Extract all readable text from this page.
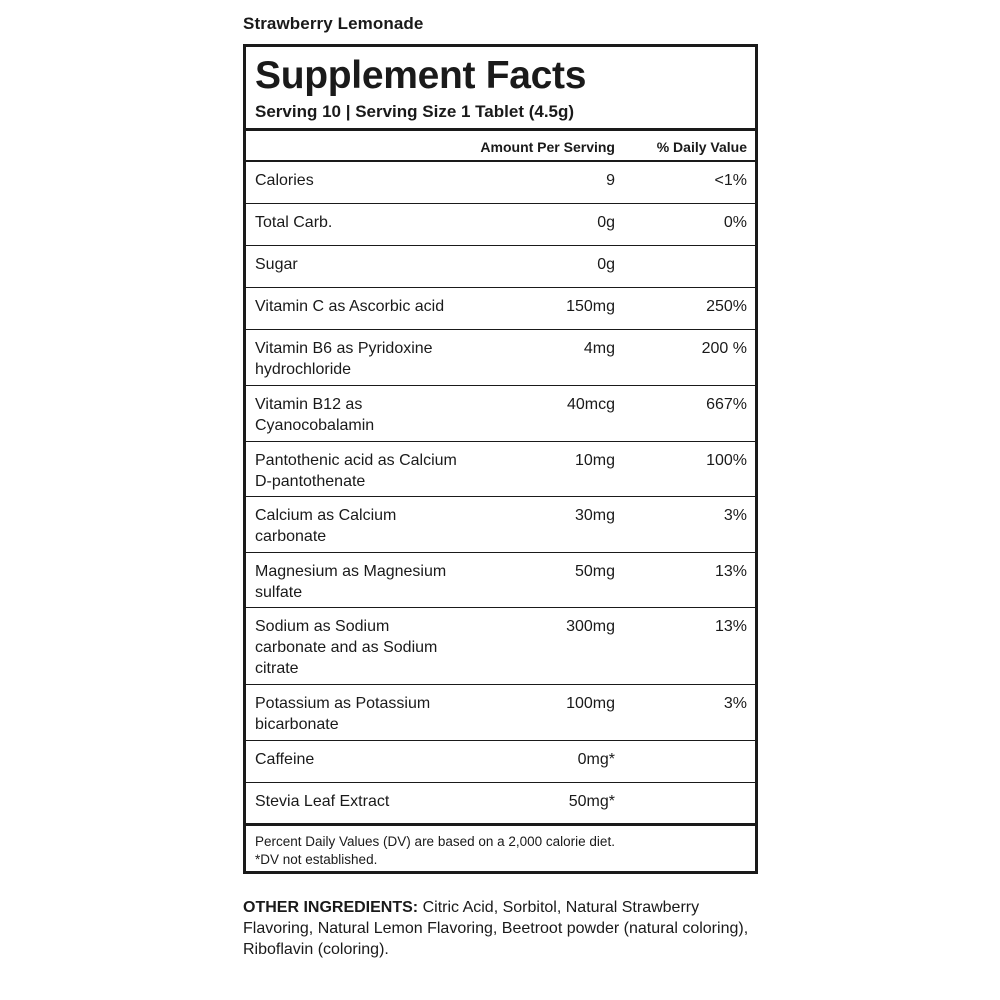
Strawberry Lemonade
Supplement Facts
Serving 10 | Serving Size 1 Tablet (4.5g)
Amount Per Serving	% Daily Value
Calories	9	<1%
Total Carb.	0g	0%
Sugar	0g
Vitamin C as Ascorbic acid	150mg	250%
Vitamin B6 as Pyridoxine
hydrochloride
4mg	200 %
Vitamin B12 as
Cyanocobalamin
40mcg	667%
Pantothenic acid as Calcium
D-pantothenate
10mg	100%
Calcium as Calcium
carbonate
30mg	3%
Magnesium as Magnesium
sulfate
50mg	13%
Sodium as Sodium
carbonate and as Sodium
citrate
300mg	13%
Potassium as Potassium
bicarbonate
100mg	3%
Caffeine	0mg*
Stevia Leaf Extract	50mg*
Percent Daily Values (DV) are based on a 2,000 calorie diet.
*DV not established.
OTHER INGREDIENTS: Citric Acid, Sorbitol, Natural Strawberry Flavoring, Natural Lemon Flavoring, Beetroot powder (natural coloring), Riboflavin (coloring).
